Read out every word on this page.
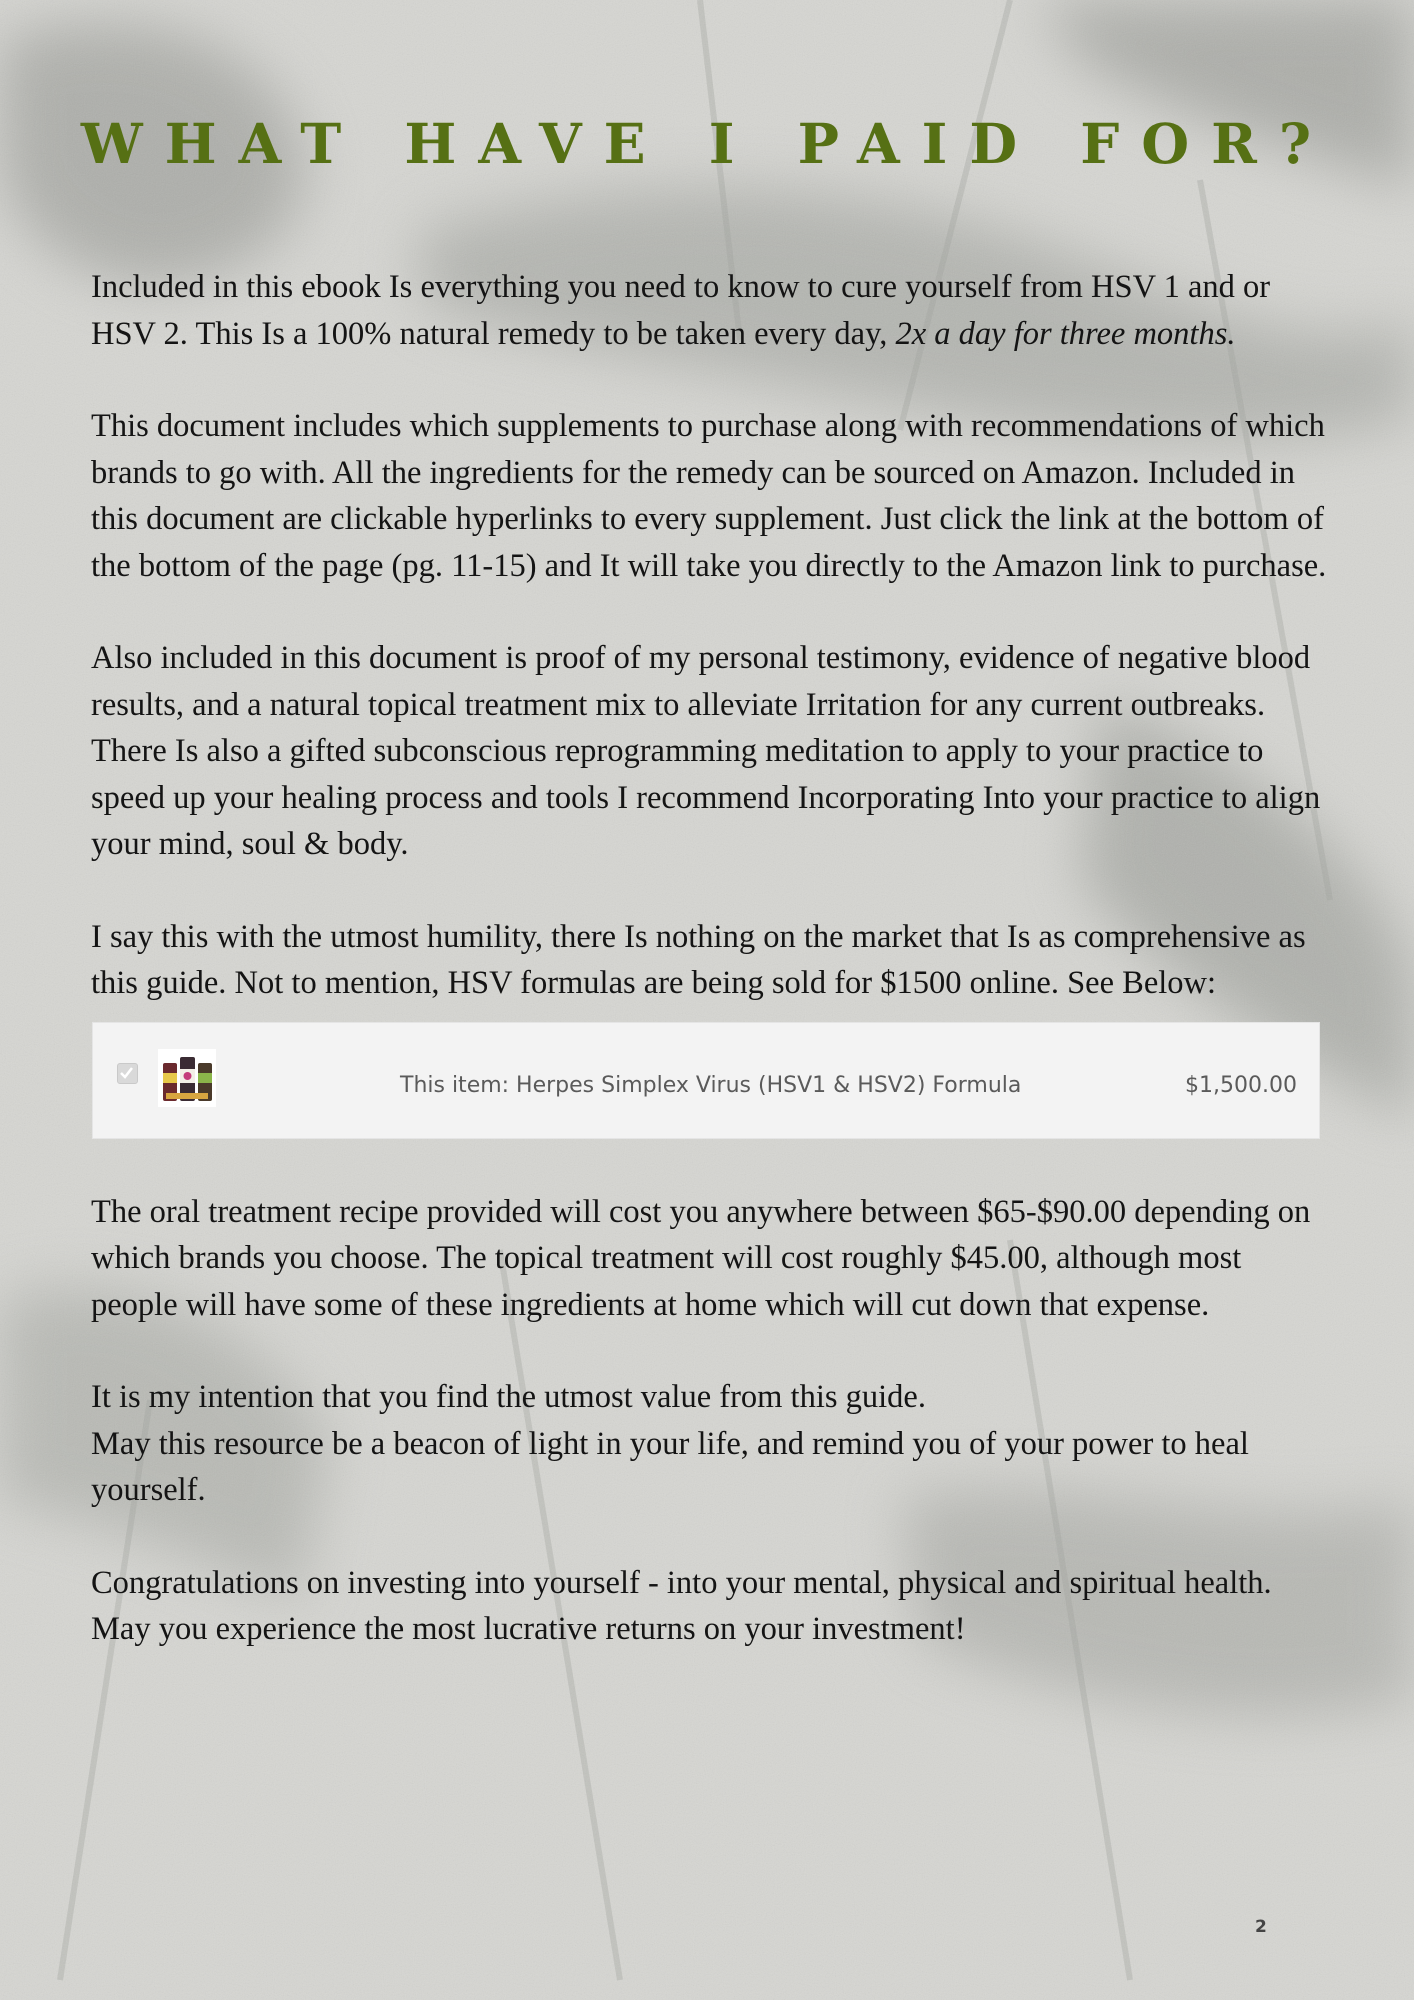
WHAT HAVE I PAID FOR?

Included in this ebook Is everything you need to know to cure yourself from HSV 1 and or HSV 2. This Is a 100% natural remedy to be taken every day, 2x a day for three months.

This document includes which supplements to purchase along with recommendations of which brands to go with. All the ingredients for the remedy can be sourced on Amazon. Included in this document are clickable hyperlinks to every supplement. Just click the link at the bottom of the bottom of the page (pg. 11-15) and It will take you directly to the Amazon link to purchase.

Also included in this document is proof of my personal testimony, evidence of negative blood results, and a natural topical treatment mix to alleviate Irritation for any current outbreaks. There Is also a gifted subconscious reprogramming meditation to apply to your practice to speed up your healing process and tools I recommend Incorporating Into your practice to align your mind, soul & body.

I say this with the utmost humility, there Is nothing on the market that Is as comprehensive as this guide. Not to mention, HSV formulas are being sold for $1500 online. See Below:

This item: Herpes Simplex Virus (HSV1 & HSV2) Formula	$1,500.00

The oral treatment recipe provided will cost you anywhere between $65-$90.00 depending on which brands you choose. The topical treatment will cost roughly $45.00, although most people will have some of these ingredients at home which will cut down that expense.

It is my intention that you find the utmost value from this guide.
May this resource be a beacon of light in your life, and remind you of your power to heal yourself.

Congratulations on investing into yourself - into your mental, physical and spiritual health. May you experience the most lucrative returns on your investment!

2
